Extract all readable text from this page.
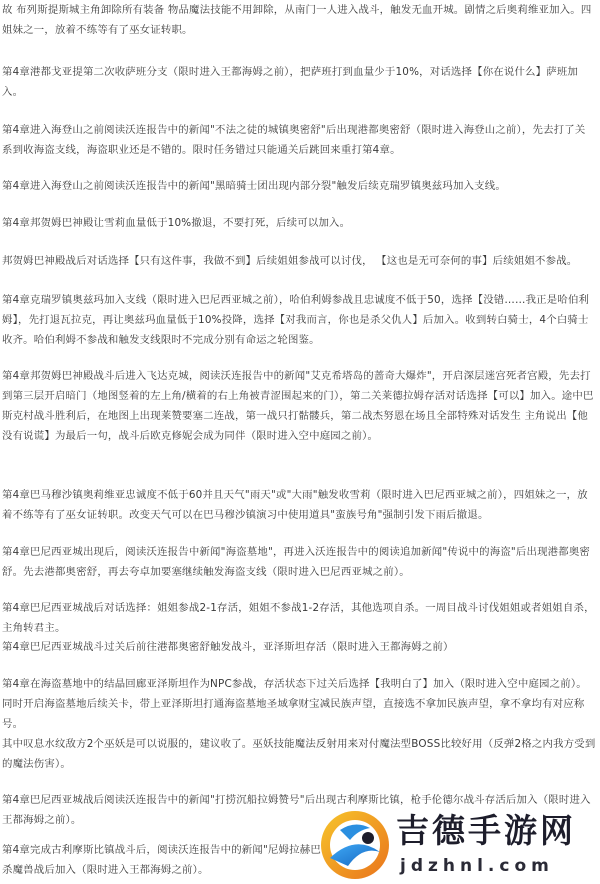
故 布列斯提斯城主角卸除所有装备 物品魔法技能不用卸除，从南门一人进入战斗，触发无血开城。剧情之后奥莉维亚加入。四姐妹之一，放着不练等有了巫女证转职。

第4章港都戈亚提第二次收萨班分支（限时进入王都海姆之前），把萨班打到血量少于10%，对话选择【你在说什么】萨班加入。

第4章进入海登山之前阅读沃连报告中的新闻"不法之徒的城镇奥密舒"后出现港都奥密舒（限时进入海登山之前），先去打了关系到收海盗支线，海盗职业还是不错的。限时任务错过只能通关后跳回来重打第4章。

第4章进入海登山之前阅读沃连报告中的新闻"黑暗骑士团出现内部分裂"触发后续克瑞罗镇奥兹玛加入支线。

第4章邦贺姆巴神殿让雪莉血量低于10%撤退，不要打死，后续可以加入。

邦贺姆巴神殿战后对话选择【只有这件事，我做不到】后续姐姐参战可以讨伐， 【这也是无可奈何的事】后续姐姐不参战。

第4章克瑞罗镇奥兹玛加入支线（限时进入巴尼西亚城之前），哈伯利姆参战且忠诚度不低于50，选择【没错……我正是哈伯利姆】，先打退瓦拉克，再让奥兹玛血量低于10%投降，选择【对我而言，你也是杀父仇人】后加入。收到转白骑士，4个白骑士收齐。哈伯利姆不参战和触发支线限时不完成分别有命运之轮图鉴。

第4章邦贺姆巴神殿战斗后进入飞达克城，阅读沃连报告中的新闻"艾克希塔岛的蔷奇大爆炸"，开启深层迷宫死者宫殿，先去打到第三层开启暗门（地图竖着的左上角/横着的右上角被青涩围起来的门），第二关莱德拉姆存活对话选择【可以】加入。途中巴斯克村战斗胜利后，在地图上出现莱赞要塞二连战，第一战只打骷髅兵，第二战杰努恩在场且全部特殊对话发生 主角说出【他没有说谎】为最后一句，战斗后欧克修妮会成为同伴（限时进入空中庭园之前）。

第4章巴马穆沙镇奥莉维亚忠诚度不低于60并且天气"雨天"或"大雨"触发收雪莉（限时进入巴尼西亚城之前），四姐妹之一，放着不练等有了巫女证转职。改变天气可以在巴马穆沙镇演习中使用道具"蛮族号角"强制引发下雨后撤退。

第4章巴尼西亚城出现后，阅读沃连报告中新闻"海盗墓地"，再进入沃连报告中的阅读追加新闻"传说中的海盗"后出现港都奥密舒。先去港都奥密舒，再去夸卓加要塞继续触发海盗支线（限时进入巴尼西亚城之前）。

第4章巴尼西亚城战后对话选择：姐姐参战2-1存活，姐姐不参战1-2存活，其他选项自杀。一周目战斗讨伐姐姐或者姐姐自杀，主角转君主。

第4章巴尼西亚城战斗过关后前往港都奥密舒触发战斗，亚泽斯坦存活（限时进入王都海姆之前）

第4章在海盗墓地中的结晶回廊亚泽斯坦作为NPC参战，存活状态下过关后选择【我明白了】加入（限时进入空中庭园之前）。同时开启海盗墓地后续关卡，带上亚泽斯坦打通海盗墓地圣域拿财宝减民族声望，直接选不拿加民族声望，拿不拿均有对应称号。
其中叹息水纹敌方2个巫妖是可以说服的，建议收了。巫妖技能魔法反射用来对付魔法型BOSS比较好用（反弹2格之内我方受到的魔法伤害）。

第4章巴尼西亚城战后阅读沃连报告中的新闻"打捞沉船拉姆赞号"后出现古利摩斯比镇，枪手伦德尔战斗存活后加入（限时进入王都海姆之前）。

第4章完成古利摩斯比镇战斗后，阅读沃连报告中的新闻"尼姆拉赫巴
杀魔兽战后加入（限时进入王都海姆之前）。

吉德手游网
jdzhnl.com
